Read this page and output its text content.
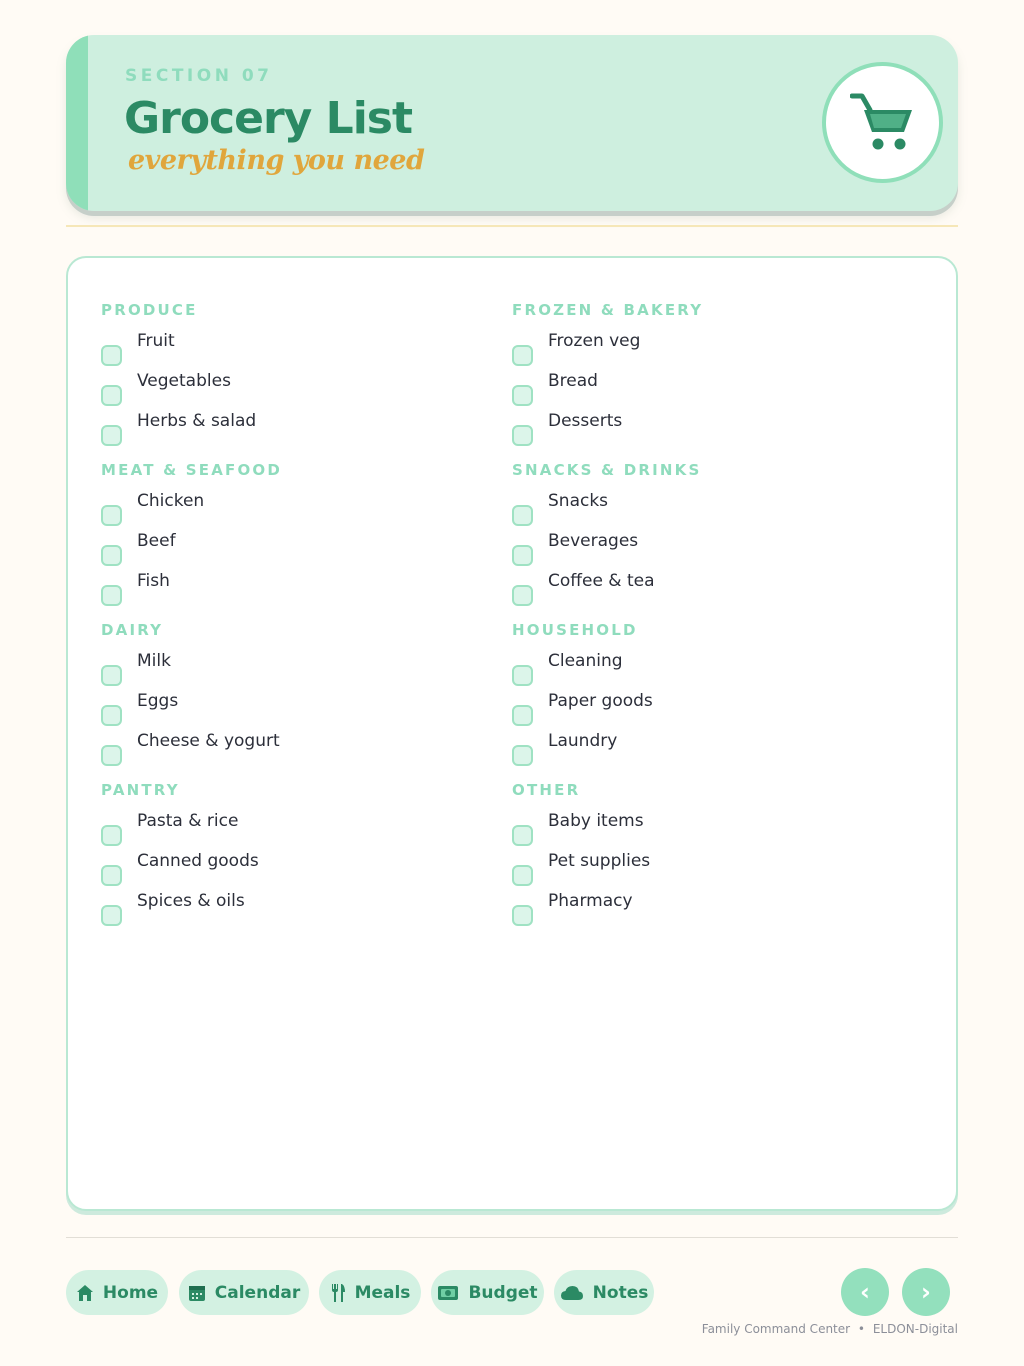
SECTION 07
Grocery List
everything you need
PRODUCE
Fruit
Vegetables
Herbs & salad
FROZEN & BAKERY
Frozen veg
Bread
Desserts
MEAT & SEAFOOD
Chicken
Beef
Fish
SNACKS & DRINKS
Snacks
Beverages
Coffee & tea
DAIRY
Milk
Eggs
Cheese & yogurt
HOUSEHOLD
Cleaning
Paper goods
Laundry
PANTRY
Pasta & rice
Canned goods
Spices & oils
OTHER
Baby items
Pet supplies
Pharmacy
Home	Calendar	Meals	Budget	Notes	‹ ›
Family Command Center • ELDON-Digital
